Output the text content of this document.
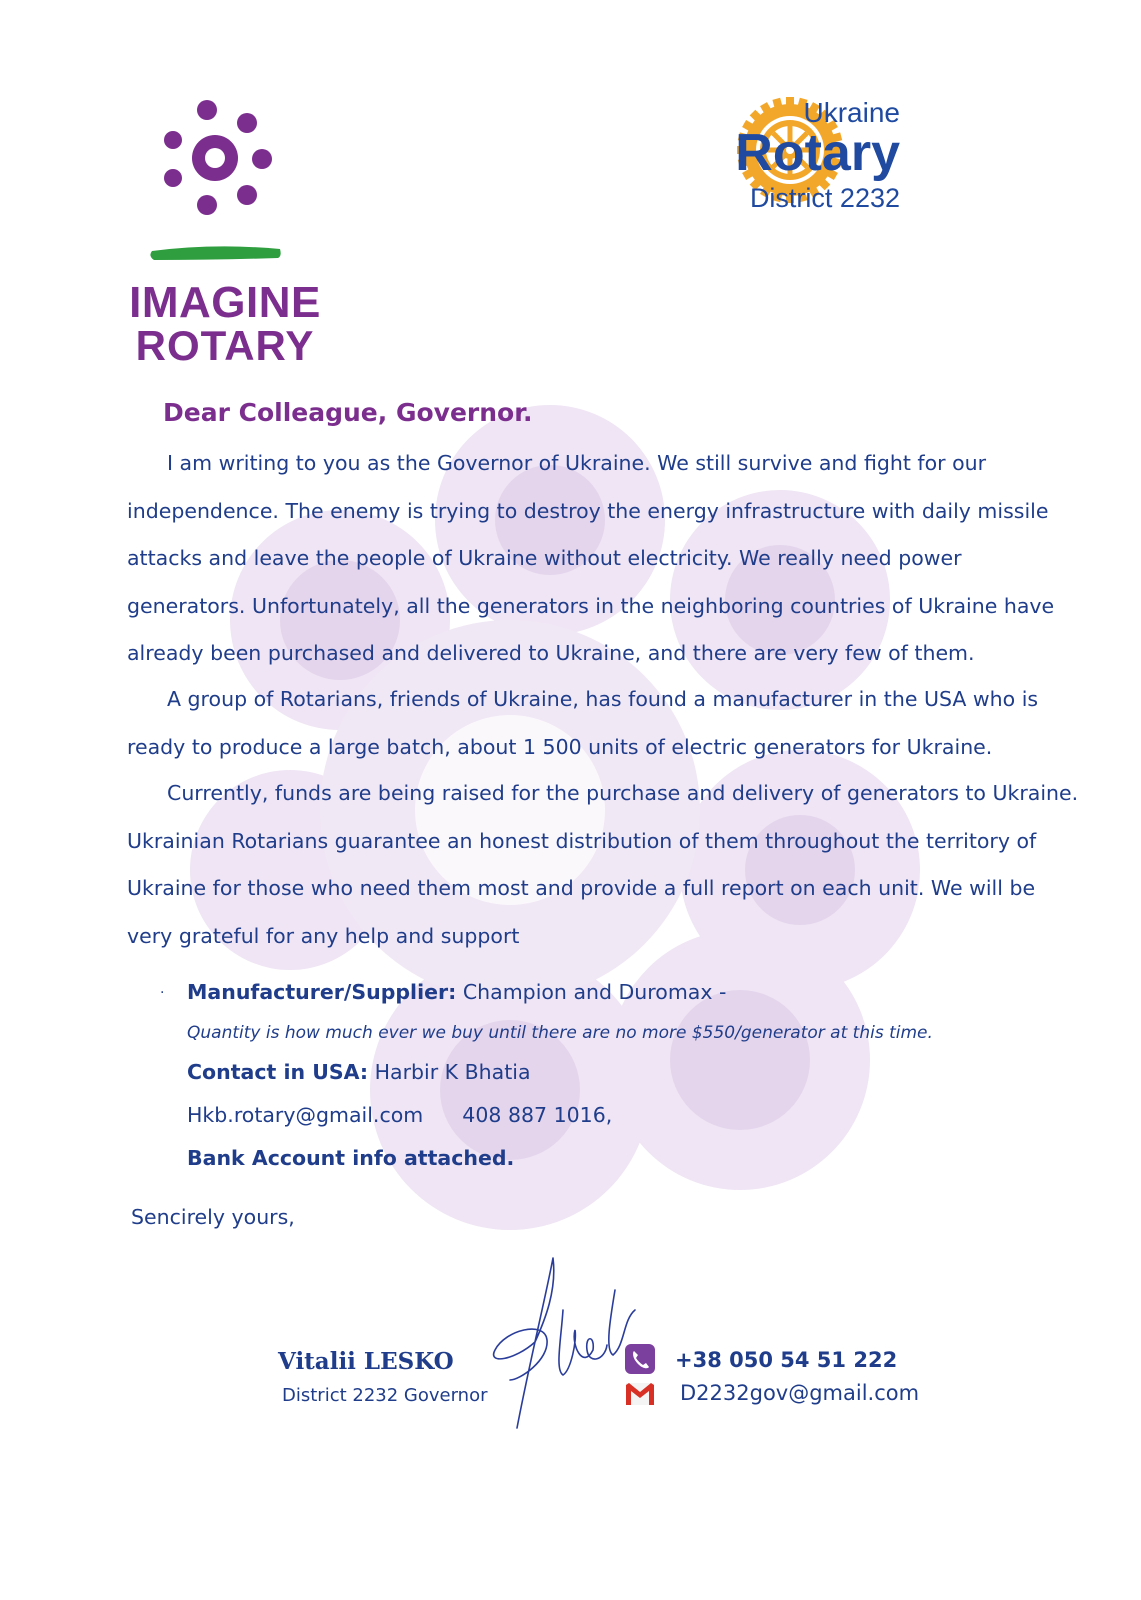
IMAGINE
ROTARY
Ukraine
Rotary
District 2232
Dear Colleague, Governor.

I am writing to you as the Governor of Ukraine. We still survive and fight for our independence. The enemy is trying to destroy the energy infrastructure with daily missile attacks and leave the people of Ukraine without electricity. We really need power generators. Unfortunately, all the generators in the neighboring countries of Ukraine have already been purchased and delivered to Ukraine, and there are very few of them.

A group of Rotarians, friends of Ukraine, has found a manufacturer in the USA who is ready to produce a large batch, about 1 500 units of electric generators for Ukraine.

Currently, funds are being raised for the purchase and delivery of generators to Ukraine. Ukrainian Rotarians guarantee an honest distribution of them throughout the territory of Ukraine for those who need them most and provide a full report on each unit. We will be very grateful for any help and support

· Manufacturer/Supplier: Champion and Duromax -
Quantity is how much ever we buy until there are no more $550/generator at this time.
Contact in USA: Harbir K Bhatia
Hkb.rotary@gmail.com 408 887 1016,
Bank Account info attached.
Sencirely yours,
Vitalii LESKO
District 2232 Governor
+38 050 54 51 222
D2232gov@gmail.com
